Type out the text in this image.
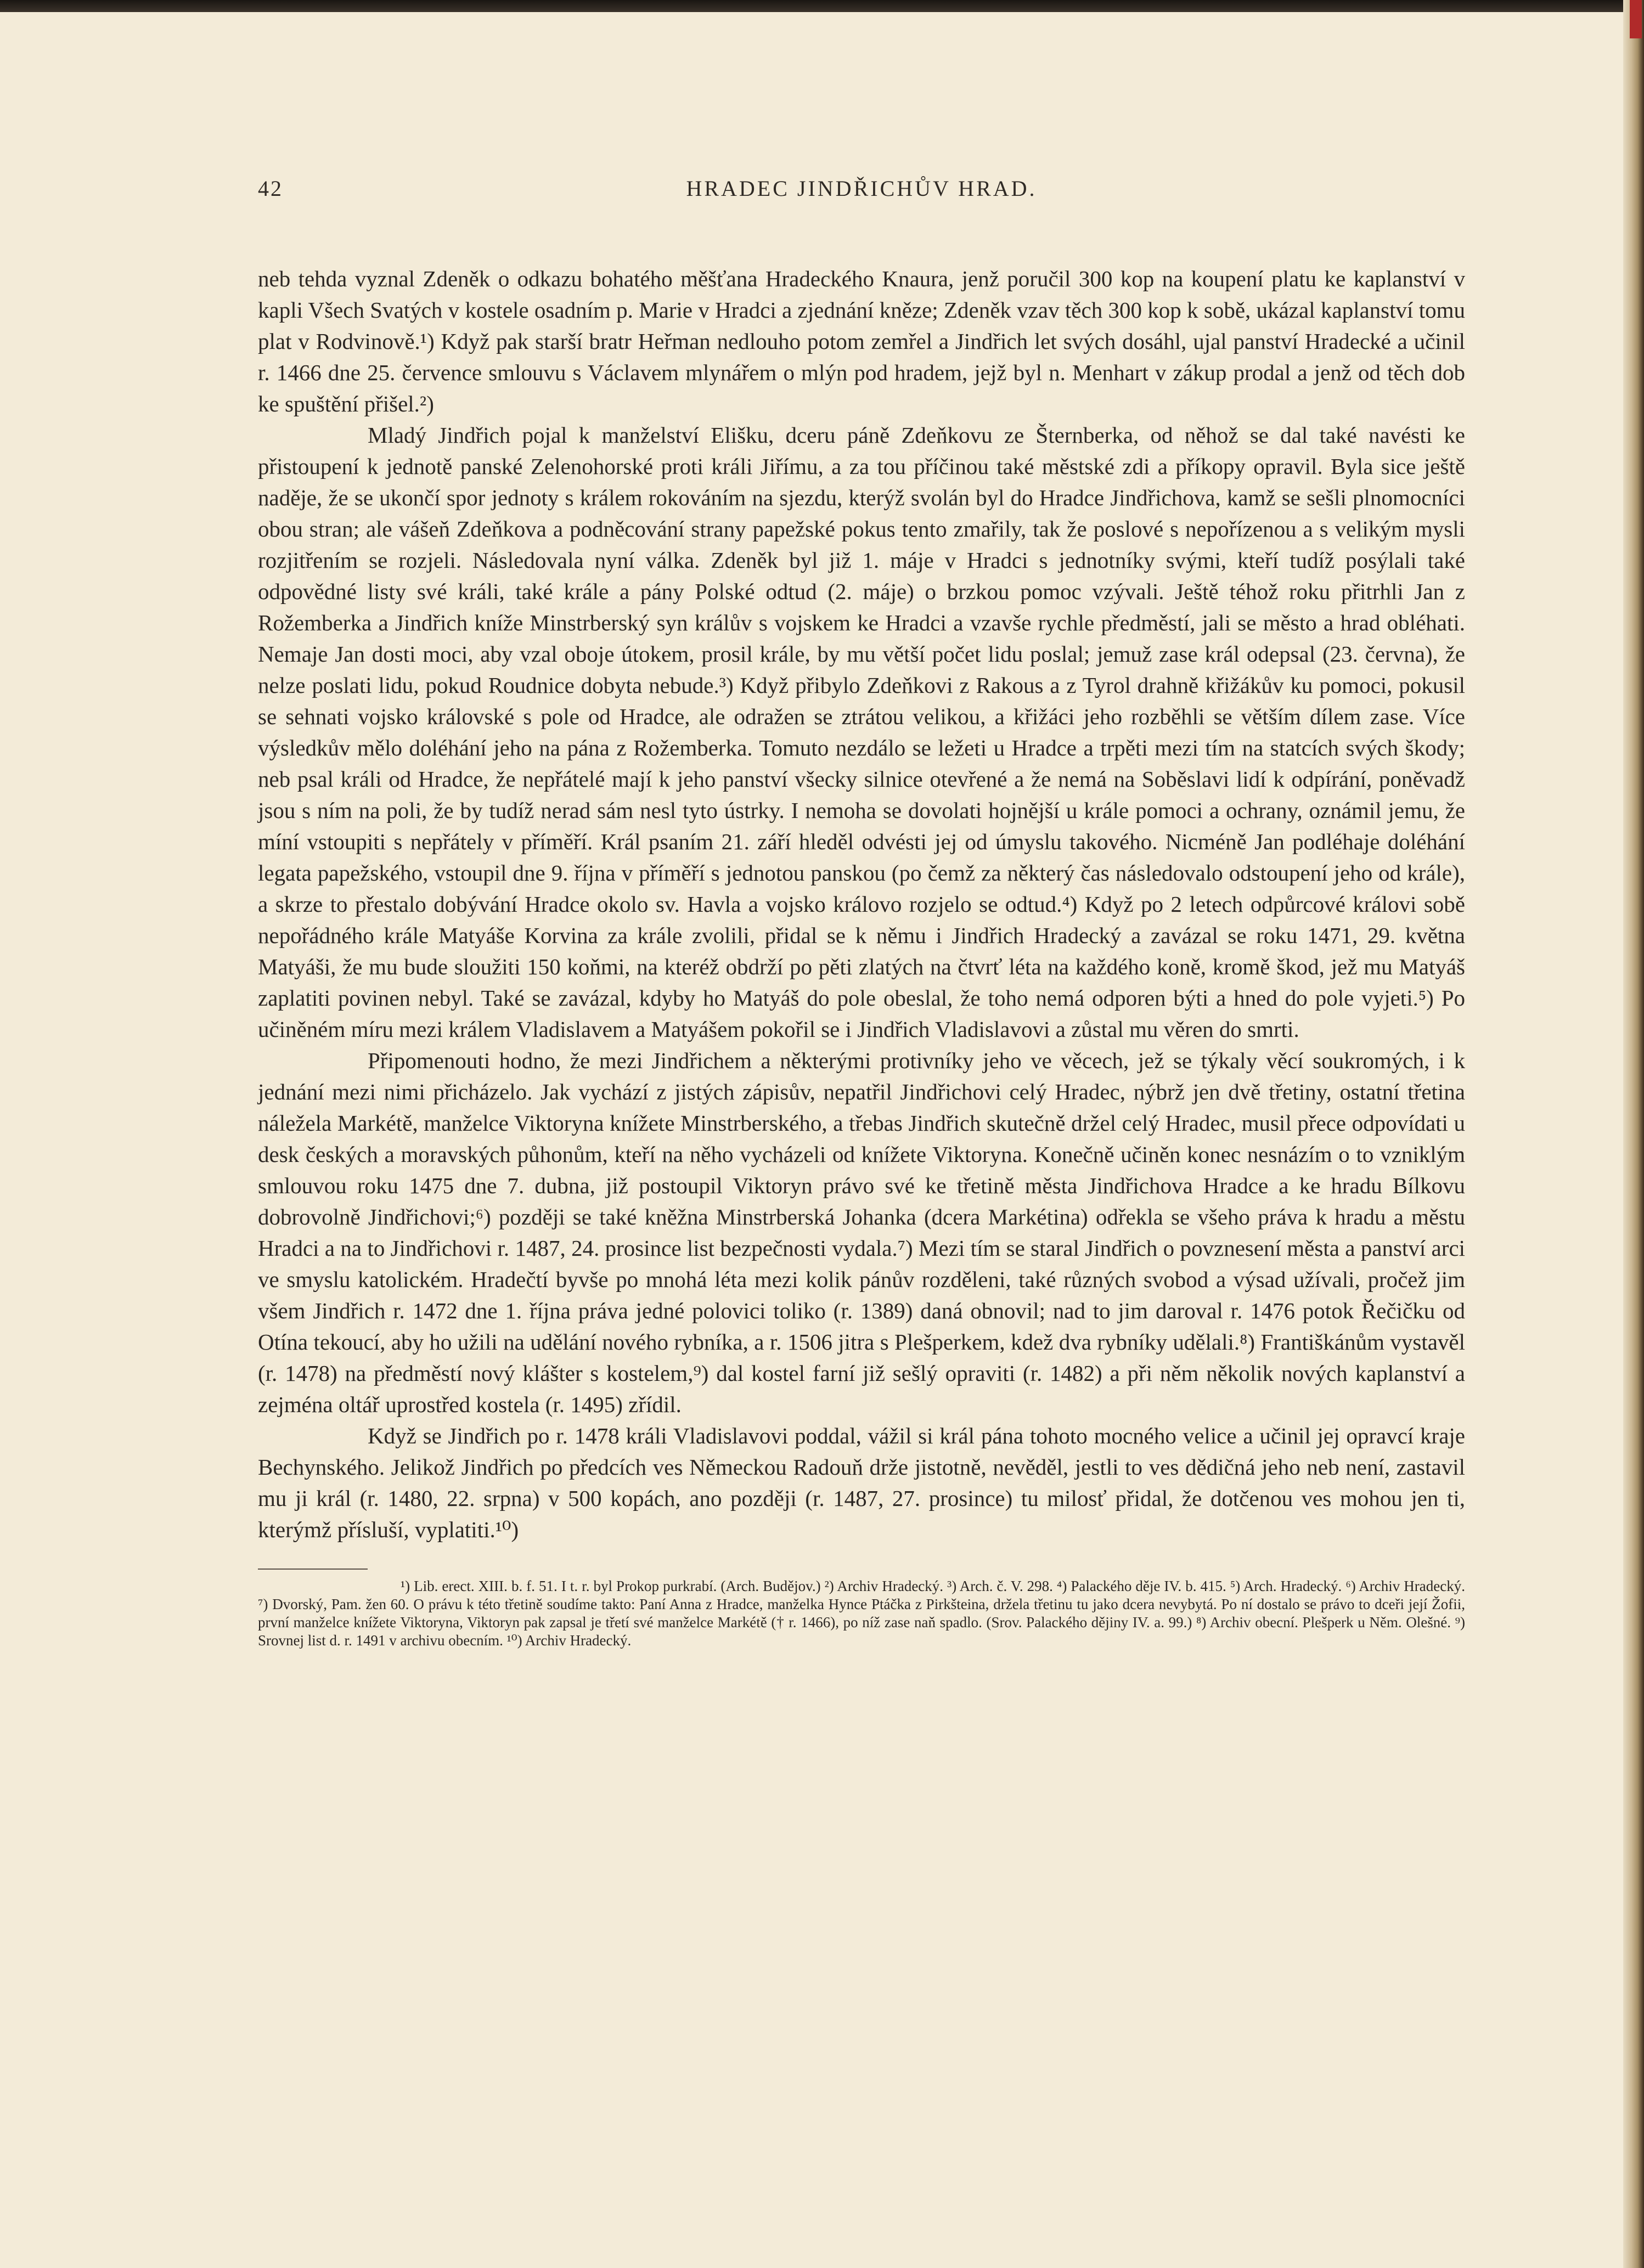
42	HRADEC JINDŘICHŮV HRAD.

neb tehda vyznal Zdeněk o odkazu bohatého měšťana Hradeckého Knaura, jenž poručil 300 kop na koupení platu ke kaplanství v kapli Všech Svatých v kostele osadním p. Marie v Hradci a zjednání kněze; Zdeněk vzav těch 300 kop k sobě, ukázal kaplanství tomu plat v Rodvinově.¹) Když pak starší bratr Heřman nedlouho potom zemřel a Jindřich let svých dosáhl, ujal panství Hradecké a učinil r. 1466 dne 25. července smlouvu s Václavem mlynářem o mlýn pod hradem, jejž byl n. Menhart v zákup prodal a jenž od těch dob ke spuštění přišel.²)

Mladý Jindřich pojal k manželství Elišku, dceru páně Zdeňkovu ze Šternberka, od něhož se dal také navésti ke přistoupení k jednotě panské Zelenohorské proti králi Jiřímu, a za tou příčinou také městské zdi a příkopy opravil. Byla sice ještě naděje, že se ukončí spor jednoty s králem rokováním na sjezdu, kterýž svolán byl do Hradce Jindřichova, kamž se sešli plnomocníci obou stran; ale vášeň Zdeňkova a podněcování strany papežské pokus tento zmařily, tak že poslové s nepořízenou a s velikým mysli rozjitřením se rozjeli. Následovala nyní válka. Zdeněk byl již 1. máje v Hradci s jednotníky svými, kteří tudíž posýlali také odpovědné listy své králi, také krále a pány Polské odtud (2. máje) o brzkou pomoc vzývali. Ještě téhož roku přitrhli Jan z Rožemberka a Jindřich kníže Minstrberský syn králův s vojskem ke Hradci a vzavše rychle předměstí, jali se město a hrad obléhati. Nemaje Jan dosti moci, aby vzal oboje útokem, prosil krále, by mu větší počet lidu poslal; jemuž zase král odepsal (23. června), že nelze poslati lidu, pokud Roudnice dobyta nebude.³) Když přibylo Zdeňkovi z Rakous a z Tyrol drahně křižákův ku pomoci, pokusil se sehnati vojsko královské s pole od Hradce, ale odražen se ztrátou velikou, a křižáci jeho rozběhli se větším dílem zase. Více výsledkův mělo doléhání jeho na pána z Rožemberka. Tomuto nezdálo se ležeti u Hradce a trpěti mezi tím na statcích svých škody; neb psal králi od Hradce, že nepřátelé mají k jeho panství všecky silnice otevřené a že nemá na Soběslavi lidí k odpírání, poněvadž jsou s ním na poli, že by tudíž nerad sám nesl tyto ústrky. I nemoha se dovolati hojnější u krále pomoci a ochrany, oznámil jemu, že míní vstoupiti s nepřátely v příměří. Král psaním 21. září hleděl odvésti jej od úmyslu takového. Nicméně Jan podléhaje doléhání legata papežského, vstoupil dne 9. října v příměří s jednotou panskou (po čemž za některý čas následovalo odstoupení jeho od krále), a skrze to přestalo dobývání Hradce okolo sv. Havla a vojsko královo rozjelo se odtud.⁴) Když po 2 letech odpůrcové královi sobě nepořádného krále Matyáše Korvina za krále zvolili, přidal se k němu i Jindřich Hradecký a zavázal se roku 1471, 29. května Matyáši, že mu bude sloužiti 150 koňmi, na kteréž obdrží po pěti zlatých na čtvrť léta na každého koně, kromě škod, jež mu Matyáš zaplatiti povinen nebyl. Také se zavázal, kdyby ho Matyáš do pole obeslal, že toho nemá odporen býti a hned do pole vyjeti.⁵) Po učiněném míru mezi králem Vladislavem a Matyášem pokořil se i Jindřich Vladislavovi a zůstal mu věren do smrti.

Připomenouti hodno, že mezi Jindřichem a některými protivníky jeho ve věcech, jež se týkaly věcí soukromých, i k jednání mezi nimi přicházelo. Jak vychází z jistých zápisův, nepatřil Jindřichovi celý Hradec, nýbrž jen dvě třetiny, ostatní třetina náležela Markétě, manželce Viktoryna knížete Minstrberského, a třebas Jindřich skutečně držel celý Hradec, musil přece odpovídati u desk českých a moravských půhonům, kteří na něho vycházeli od knížete Viktoryna. Konečně učiněn konec nesnázím o to vzniklým smlouvou roku 1475 dne 7. dubna, již postoupil Viktoryn právo své ke třetině města Jindřichova Hradce a ke hradu Bílkovu dobrovolně Jindřichovi;⁶) později se také kněžna Minstrberská Johanka (dcera Markétina) odřekla se všeho práva k hradu a městu Hradci a na to Jindřichovi r. 1487, 24. prosince list bezpečnosti vydala.⁷) Mezi tím se staral Jindřich o povznesení města a panství arci ve smyslu katolickém. Hradečtí byvše po mnohá léta mezi kolik pánův rozděleni, také různých svobod a výsad užívali, pročež jim všem Jindřich r. 1472 dne 1. října práva jedné polovici toliko (r. 1389) daná obnovil; nad to jim daroval r. 1476 potok Řečičku od Otína tekoucí, aby ho užili na udělání nového rybníka, a r. 1506 jitra s Plešperkem, kdež dva rybníky udělali.⁸) Františkánům vystavěl (r. 1478) na předměstí nový klášter s kostelem,⁹) dal kostel farní již sešlý opraviti (r. 1482) a při něm několik nových kaplanství a zejména oltář uprostřed kostela (r. 1495) zřídil.

Když se Jindřich po r. 1478 králi Vladislavovi poddal, vážil si král pána tohoto mocného velice a učinil jej opravcí kraje Bechynského. Jelikož Jindřich po předcích ves Německou Radouň drže jistotně, nevěděl, jestli to ves dědičná jeho neb není, zastavil mu ji král (r. 1480, 22. srpna) v 500 kopách, ano později (r. 1487, 27. prosince) tu milosť přidal, že dotčenou ves mohou jen ti, kterýmž přísluší, vyplatiti.¹⁰)

¹) Lib. erect. XIII. b. f. 51. I t. r. byl Prokop purkrabí. (Arch. Budějov.) ²) Archiv Hradecký. ³) Arch. č. V. 298. ⁴) Palackého děje IV. b. 415. ⁵) Arch. Hradecký. ⁶) Archiv Hradecký. ⁷) Dvorský, Pam. žen 60. O právu k této třetině soudíme takto: Paní Anna z Hradce, manželka Hynce Ptáčka z Pirkšteina, držela třetinu tu jako dcera nevybytá. Po ní dostalo se právo to dceři její Žofii, první manželce knížete Viktoryna, Viktoryn pak zapsal je třetí své manželce Markétě († r. 1466), po níž zase naň spadlo. (Srov. Palackého dějiny IV. a. 99.) ⁸) Archiv obecní. Plešperk u Něm. Olešné. ⁹) Srovnej list d. r. 1491 v archivu obecním. ¹⁰) Archiv Hradecký.
